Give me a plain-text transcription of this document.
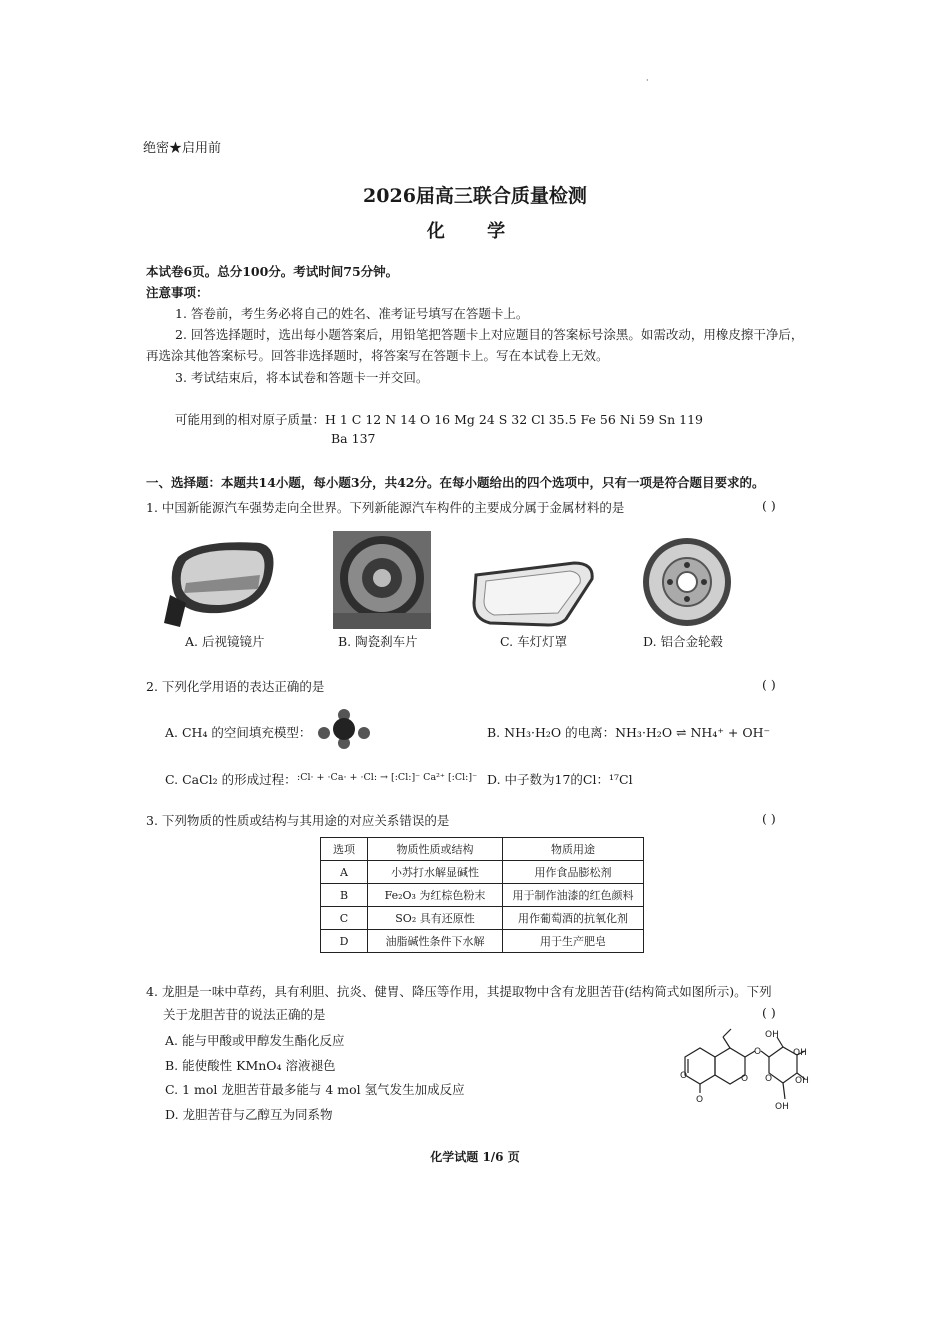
·
绝密★启用前
2026届高三联合质量检测
化 学
本试卷6页。总分100分。考试时间75分钟。
注意事项：
1. 答卷前，考生务必将自己的姓名、准考证号填写在答题卡上。
2. 回答选择题时，选出每小题答案后，用铅笔把答题卡上对应题目的答案标号涂黑。如需改动，用橡皮擦干净后，再选涂其他答案标号。回答非选择题时，将答案写在答题卡上。写在本试卷上无效。
3. 考试结束后，将本试卷和答题卡一并交回。
可能用到的相对原子质量：H 1 C 12 N 14 O 16 Mg 24 S 32 Cl 35.5 Fe 56 Ni 59 Sn 119
Ba 137
一、选择题：本题共14小题，每小题3分，共42分。在每小题给出的四个选项中，只有一项是符合题目要求的。
1. 中国新能源汽车强势走向全世界。下列新能源汽车构件的主要成分属于金属材料的是	( )
A. 后视镜镜片	B. 陶瓷刹车片	C. 车灯灯罩	D. 铝合金轮毂
2. 下列化学用语的表达正确的是	( )
A. CH₄ 的空间填充模型：	B. NH₃·H₂O 的电离：NH₃·H₂O ⇌ NH₄⁺ + OH⁻
C. CaCl₂ 的形成过程： :Cl· + ·Ca· + ·Cl: → [:Cl:]⁻ Ca²⁺ [:Cl:]⁻ D. 中子数为17的Cl：¹⁷Cl
3. 下列物质的性质或结构与其用途的对应关系错误的是	( )
选项	物质性质或结构	物质用途
A	小苏打水解显碱性	用作食品膨松剂
B	Fe₂O₃ 为红棕色粉末	用于制作油漆的红色颜料
C	SO₂ 具有还原性	用作葡萄酒的抗氧化剂
D	油脂碱性条件下水解	用于生产肥皂
4. 龙胆是一味中草药，具有利胆、抗炎、健胃、降压等作用，其提取物中含有龙胆苦苷(结构简式如图所示)。下列
关于龙胆苦苷的说法正确的是	( )
A. 能与甲酸或甲醇发生酯化反应
B. 能使酸性 KMnO₄ 溶液褪色
C. 1 mol 龙胆苦苷最多能与 4 mol 氢气发生加成反应
D. 龙胆苦苷与乙醇互为同系物
O
O
O
O
O
OH
OH
OH
OH
化学试题 1/6 页
